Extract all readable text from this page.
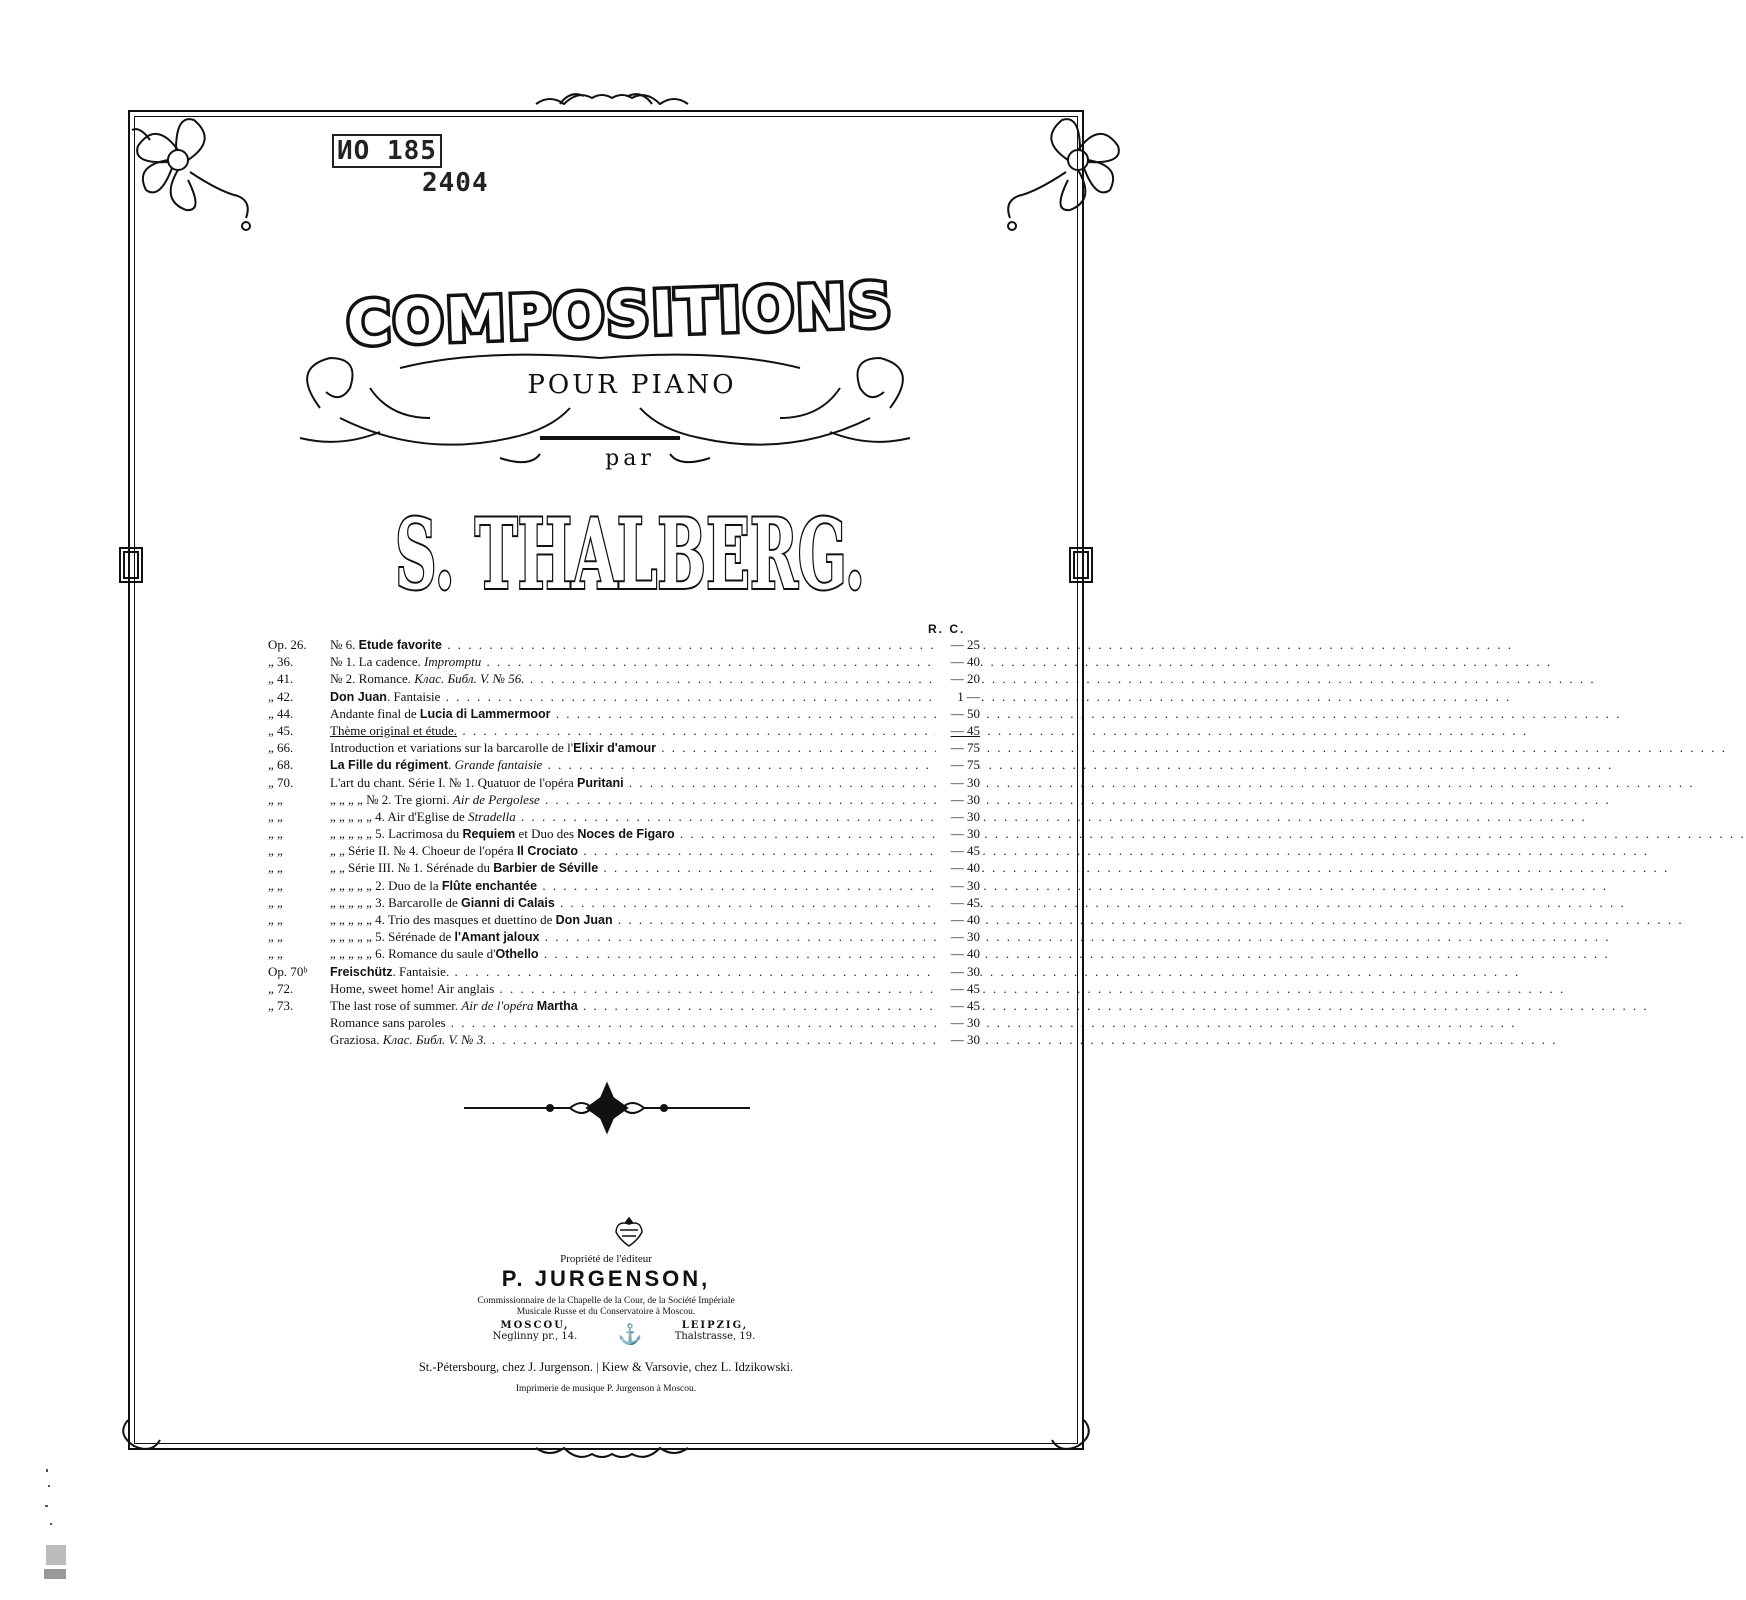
ИО 185
2404
COMPOSITIONS
POUR PIANO
par
S. THALBERG.
R. C.
Op. 26.	№ 6. Etude favorite . . .	— 25
„ 36.	№ 1. La cadence. Impromptu . . .	— 40
„ 41.	№ 2. Romance. Клас. Библ. V. № 56. . . .	— 20
„ 42.	Don Juan. Fantaisie . . .	1 —
„ 44.	Andante final de Lucia di Lammermoor . . .	— 50
„ 45.	Thème original et étude. . . .	— 45
„ 66.	Introduction et variations sur la barcarolle de l'Elixir d'amour . . .	— 75
„ 68.	La Fille du régiment. Grande fantaisie . . .	— 75
„ 70.	L'art du chant. Série I. № 1. Quatuor de l'opéra Puritani . . .	— 30
„ „	„ „ „ „ № 2. Tre giorni. Air de Pergolese . . .	— 30
„ „	„ „ „ „ „ 4. Air d'Eglise de Stradella . . .	— 30
„ „	„ „ „ „ „ 5. Lacrimosa du Requiem et Duo des Noces de Figaro . . .	— 30
„ „	„ „ Série II. № 4. Choeur de l'opéra Il Crociato . . .	— 45
„ „	„ „ Série III. № 1. Sérénade du Barbier de Séville . . .	— 40
„ „	„ „ „ „ „ 2. Duo de la Flûte enchantée . . .	— 30
„ „	„ „ „ „ „ 3. Barcarolle de Gianni di Calais . . .	— 45
„ „	„ „ „ „ „ 4. Trio des masques et duettino de Don Juan . . .	— 40
„ „	„ „ „ „ „ 5. Sérénade de l'Amant jaloux . . .	— 30
„ „	„ „ „ „ „ 6. Romance du saule d'Othello . . .	— 40
Op. 70ᵇ	Freischütz. Fantaisie. . . .	— 30
„ 72.	Home, sweet home! Air anglais . . .	— 45
„ 73.	The last rose of summer. Air de l'opéra Martha . . .	— 45
Romance sans paroles . . .	— 30
Graziosa. Клас. Библ. V. № 3. . . .	— 30
Propriété de l'éditeur
P. JURGENSON,
Commissionnaire de la Chapelle de la Cour, de la Société Impériale
Musicale Russe et du Conservatoire à Moscou.
MOSCOU,
Neglinny pr., 14.	⚓	LEIPZIG,
Thalstrasse, 19.
St.-Pétersbourg, chez J. Jurgenson. | Kiew & Varsovie, chez L. Idzikowski.
Imprimerie de musique P. Jurgenson à Moscou.
